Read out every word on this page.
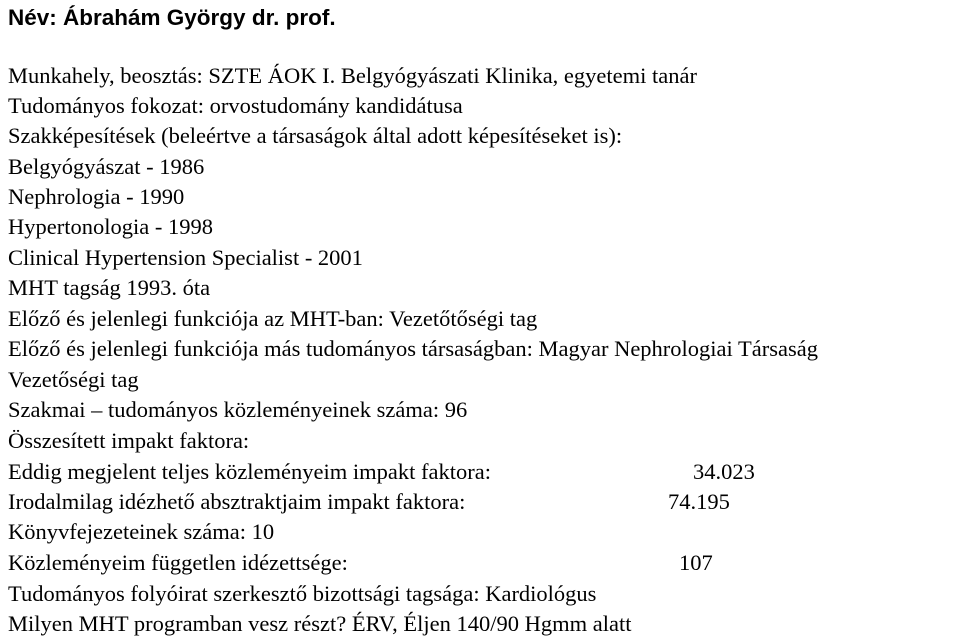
Név: Ábrahám György dr. prof.
Munkahely, beosztás: SZTE ÁOK I. Belgyógyászati Klinika, egyetemi tanár
Tudományos fokozat: orvostudomány kandidátusa
Szakképesítések (beleértve a társaságok által adott képesítéseket is):
Belgyógyászat - 1986
Nephrologia - 1990
Hypertonologia - 1998
Clinical Hypertension Specialist - 2001
MHT tagság 1993. óta
Előző és jelenlegi funkciója az MHT-ban: Vezetőtőségi tag
Előző és jelenlegi funkciója más tudományos társaságban: Magyar Nephrologiai Társaság
Vezetőségi tag
Szakmai – tudományos közleményeinek száma: 96
Összesített impakt faktora:
Eddig megjelent teljes közleményeim impakt faktora:	34.023
Irodalmilag idézhető absztraktjaim impakt faktora:	74.195
Könyvfejezeteinek száma: 10
Közleményeim független idézettsége:	107
Tudományos folyóirat szerkesztő bizottsági tagsága: Kardiológus
Milyen MHT programban vesz részt? ÉRV, Éljen 140/90 Hgmm alatt
